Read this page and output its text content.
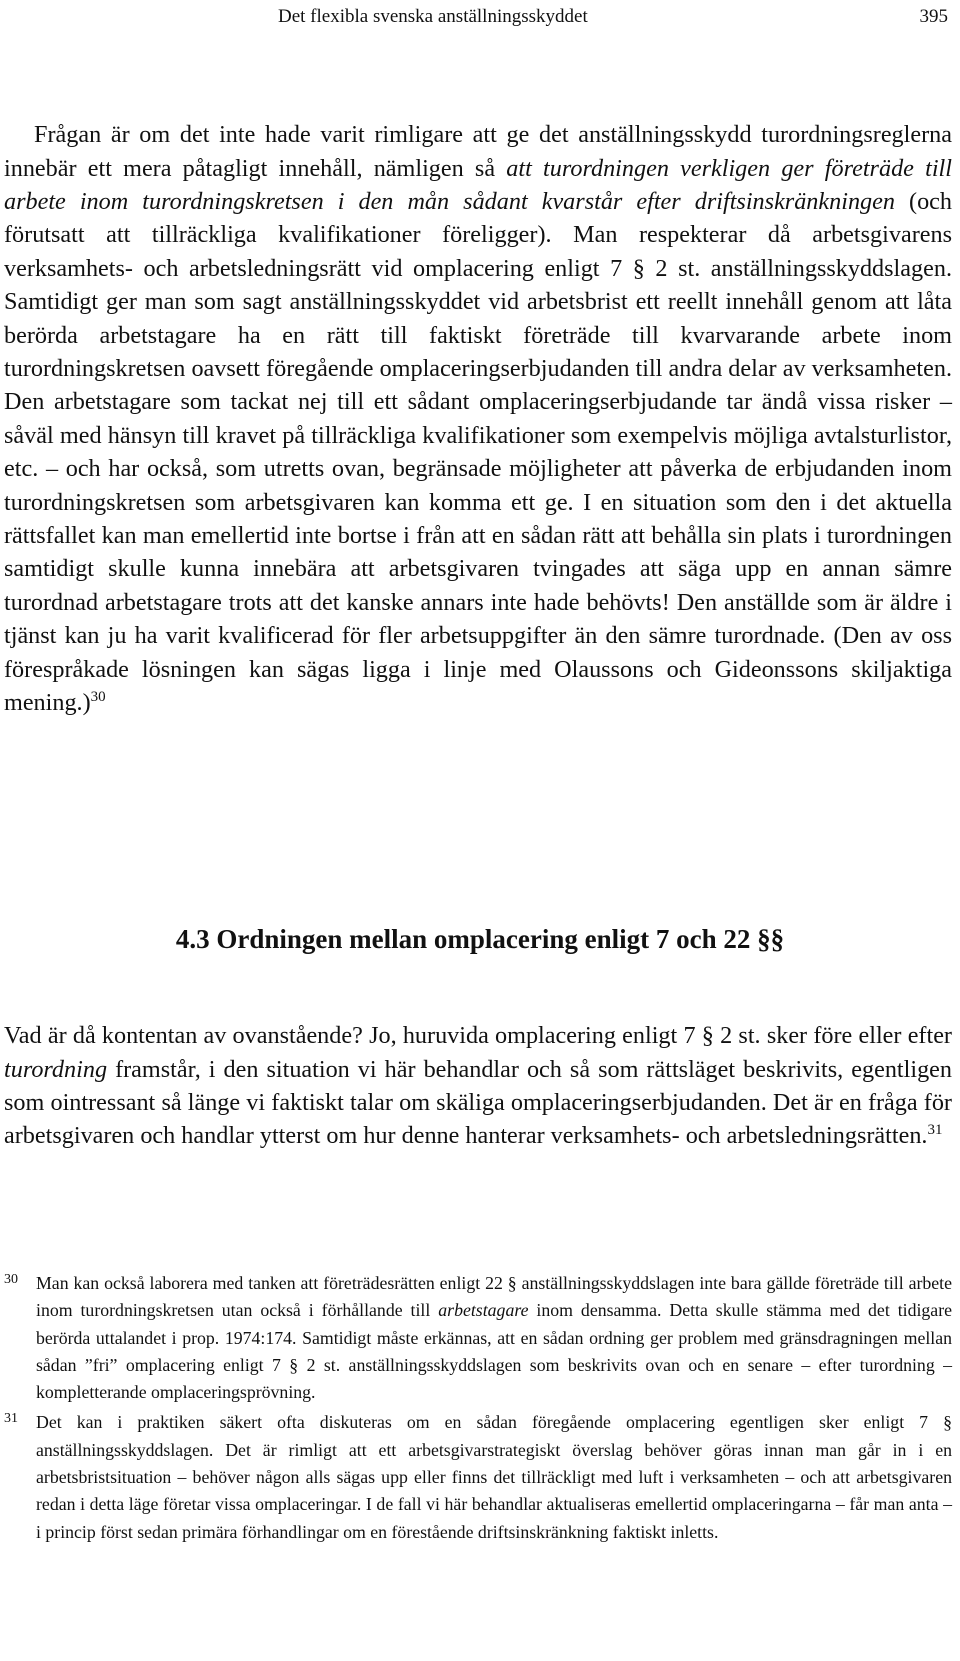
Det flexibla svenska anställningsskyddet	395

Frågan är om det inte hade varit rimligare att ge det anställningsskydd turordningsreglerna innebär ett mera påtagligt innehåll, nämligen så att turordningen verkligen ger företräde till arbete inom turordningskretsen i den mån sådant kvarstår efter driftsinskränkningen (och förutsatt att tillräckliga kvalifikationer föreligger). Man respekterar då arbetsgivarens verksamhets- och arbetsledningsrätt vid omplacering enligt 7 § 2 st. anställningsskyddslagen. Samtidigt ger man som sagt anställningsskyddet vid arbetsbrist ett reellt innehåll genom att låta berörda arbetstagare ha en rätt till faktiskt företräde till kvarvarande arbete inom turordningskretsen oavsett föregående omplaceringserbjudanden till andra delar av verksamheten. Den arbetstagare som tackat nej till ett sådant omplaceringserbjudande tar ändå vissa risker – såväl med hänsyn till kravet på tillräckliga kvalifikationer som exempelvis möjliga avtalsturlistor, etc. – och har också, som utretts ovan, begränsade möjligheter att påverka de erbjudanden inom turordningskretsen som arbetsgivaren kan komma ett ge. I en situation som den i det aktuella rättsfallet kan man emellertid inte bortse i från att en sådan rätt att behålla sin plats i turordningen samtidigt skulle kunna innebära att arbetsgivaren tvingades att säga upp en annan sämre turordnad arbetstagare trots att det kanske annars inte hade behövts! Den anställde som är äldre i tjänst kan ju ha varit kvalificerad för fler arbetsuppgifter än den sämre turordnade. (Den av oss förespråkade lösningen kan sägas ligga i linje med Olaussons och Gideonssons skiljaktiga mening.)$^{30}$

4.3 Ordningen mellan omplacering enligt 7 och 22 §§

Vad är då kontentan av ovanstående? Jo, huruvida omplacering enligt 7 § 2 st. sker före eller efter turordning framstår, i den situation vi här behandlar och så som rättsläget beskrivits, egentligen som ointressant så länge vi faktiskt talar om skäliga omplaceringserbjudanden. Det är en fråga för arbetsgivaren och handlar ytterst om hur denne hanterar verksamhets- och arbetsledningsrätten.$^{31}$

30 Man kan också laborera med tanken att företrädesrätten enligt 22 § anställningsskyddslagen inte bara gällde företräde till arbete inom turordningskretsen utan också i förhållande till arbetstagare inom densamma. Detta skulle stämma med det tidigare berörda uttalandet i prop. 1974:174. Samtidigt måste erkännas, att en sådan ordning ger problem med gränsdragningen mellan sådan ”fri” omplacering enligt 7 § 2 st. anställningsskyddslagen som beskrivits ovan och en senare – efter turordning – kompletterande omplaceringsprövning.

31 Det kan i praktiken säkert ofta diskuteras om en sådan föregående omplacering egentligen sker enligt 7 § anställningsskyddslagen. Det är rimligt att ett arbetsgivarstrategiskt överslag behöver göras innan man går in i en arbetsbristsituation – behöver någon alls sägas upp eller finns det tillräckligt med luft i verksamheten – och att arbetsgivaren redan i detta läge företar vissa omplaceringar. I de fall vi här behandlar aktualiseras emellertid omplaceringarna – får man anta – i princip först sedan primära förhandlingar om en förestående driftsinskränkning faktiskt inletts.
